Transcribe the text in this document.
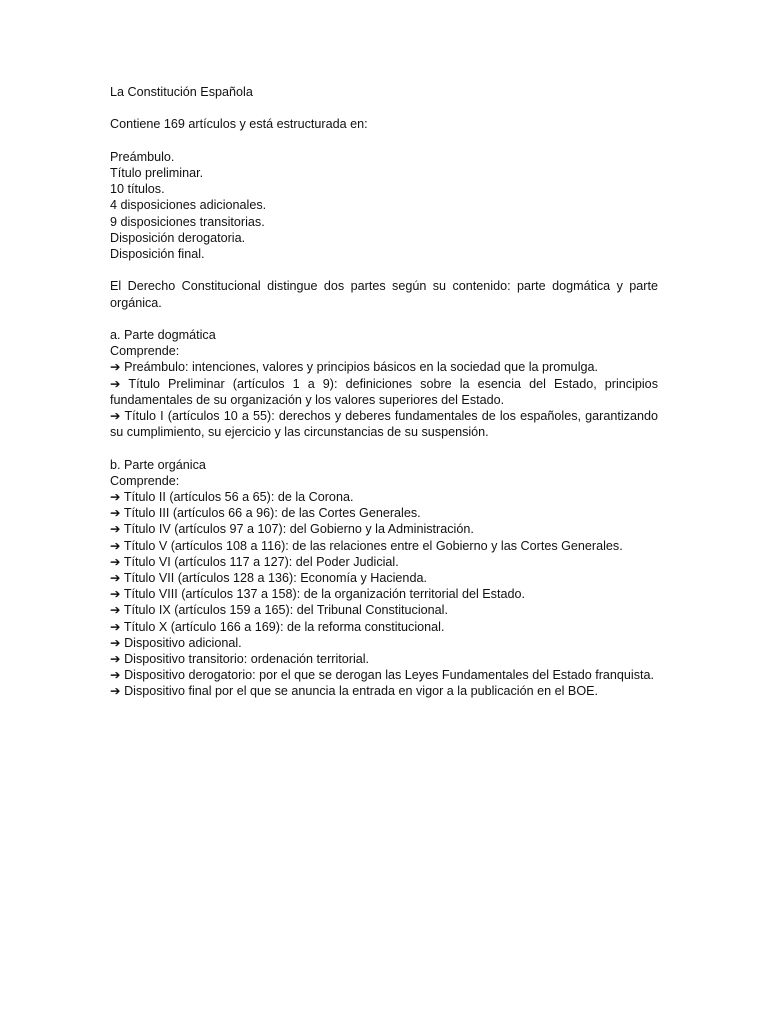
La Constitución Española

Contiene 169 artículos y está estructurada en:

Preámbulo.
Título preliminar.
10 títulos.
4 disposiciones adicionales.
9 disposiciones transitorias.
Disposición derogatoria.
Disposición final.

El Derecho Constitucional distingue dos partes según su contenido: parte dogmática y parte orgánica.

a. Parte dogmática
Comprende:
➔ Preámbulo: intenciones, valores y principios básicos en la sociedad que la promulga.
➔ Título Preliminar (artículos 1 a 9): definiciones sobre la esencia del Estado, principios fundamentales de su organización y los valores superiores del Estado.
➔ Título I (artículos 10 a 55): derechos y deberes fundamentales de los españoles, garantizando su cumplimiento, su ejercicio y las circunstancias de su suspensión.
b. Parte orgánica
Comprende:
➔ Título II (artículos 56 a 65): de la Corona.
➔ Título III (artículos 66 a 96): de las Cortes Generales.
➔ Título IV (artículos 97 a 107): del Gobierno y la Administración.
➔ Título V (artículos 108 a 116): de las relaciones entre el Gobierno y las Cortes Generales.
➔ Título VI (artículos 117 a 127): del Poder Judicial.
➔ Título VII (artículos 128 a 136): Economía y Hacienda.
➔ Título VIII (artículos 137 a 158): de la organización territorial del Estado.
➔ Título IX (artículos 159 a 165): del Tribunal Constitucional.
➔ Título X (artículo 166 a 169): de la reforma constitucional.
➔ Dispositivo adicional.
➔ Dispositivo transitorio: ordenación territorial.
➔ Dispositivo derogatorio: por el que se derogan las Leyes Fundamentales del Estado franquista.
➔ Dispositivo final por el que se anuncia la entrada en vigor a la publicación en el BOE.
